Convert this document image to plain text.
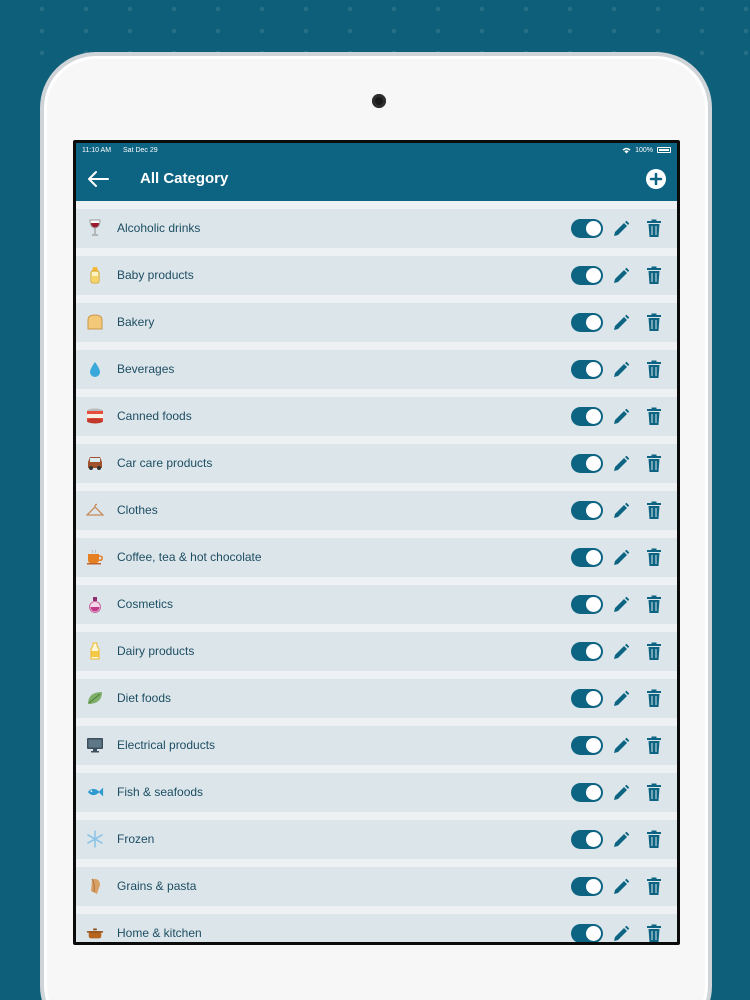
11:10 AM Sat Dec 29	100%
All Category
Alcoholic drinks
Baby products
Bakery
Beverages
Canned foods
Car care products
Clothes
Coffee, tea & hot chocolate
Cosmetics
Dairy products
Diet foods
Electrical products
Fish & seafoods
Frozen
Grains & pasta
Home & kitchen
